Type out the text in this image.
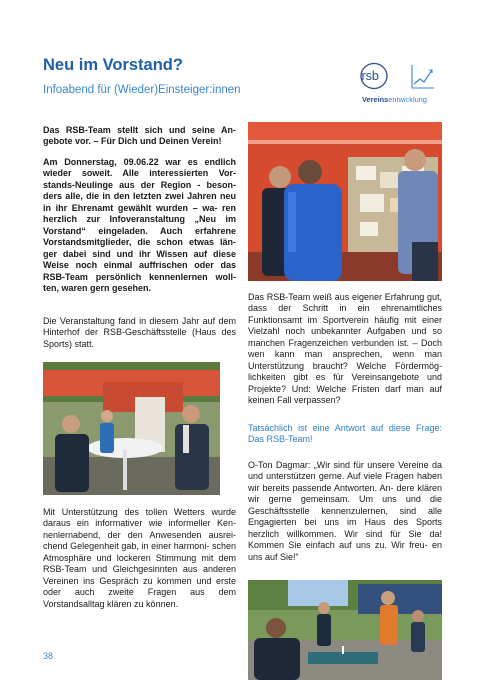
Neu im Vorstand?
Infoabend für (Wieder)Einsteiger:innen
rsb
Vereinsentwicklung
Das RSB-Team stellt sich und seine An- gebote vor. – Für Dich und Deinen Verein!
Am Donnerstag, 09.06.22 war es endlich wieder soweit. Alle interessierten Vor- stands-Neulinge aus der Region - beson- ders alle, die in den letzten zwei Jahren neu in ihr Ehrenamt gewählt wurden – wa- ren herzlich zur Infoveranstaltung „Neu im Vorstand“ eingeladen. Auch erfahrene Vorstandsmitglieder, die schon etwas län- ger dabei sind und ihr Wissen auf diese Weise noch einmal auffrischen oder das RSB-Team persönlich kennenlernen woll- ten, waren gern gesehen.
Die Veranstaltung fand in diesem Jahr auf dem Hinterhof der RSB-Geschäftsstelle (Haus des Sports) statt.
Mit Unterstützung des tollen Wetters wurde daraus ein informativer wie informeller Ken- nenlernabend, der den Anwesenden ausrei- chend Gelegenheit gab, in einer harmoni- schen Atmosphäre und lockeren Stimmung mit dem RSB-Team und Gleichgesinnten aus anderen Vereinen ins Gespräch zu kommen und erste oder auch zweite Fragen aus dem Vorstandsalltag klären zu können.
38
Das RSB-Team weiß aus eigener Erfahrung gut, dass der Schritt in ein ehrenamtliches Funktionsamt im Sportverein häufig mit einer Vielzahl noch unbekannter Aufgaben und so manchen Fragenzeichen verbunden ist. – Doch wen kann man ansprechen, wenn man Unterstützung braucht? Welche Fördermög- lichkeiten gibt es für Vereinsangebote und Projekte? Und: Welche Fristen darf man auf keinen Fall verpassen?
Tatsächlich ist eine Antwort auf diese Frage: Das RSB-Team!
O-Ton Dagmar: „Wir sind für unsere Vereine da und unterstützen gerne. Auf viele Fragen haben wir bereits passende Antworten. An- dere klären wir gerne gemeinsam. Um uns und die Geschäftsstelle kennenzulernen, sind alle Engagierten bei uns im Haus des Sports herzlich willkommen. Wir sind für Sie da! Kommen Sie einfach auf uns zu. Wir freu- en uns auf Sie!“
